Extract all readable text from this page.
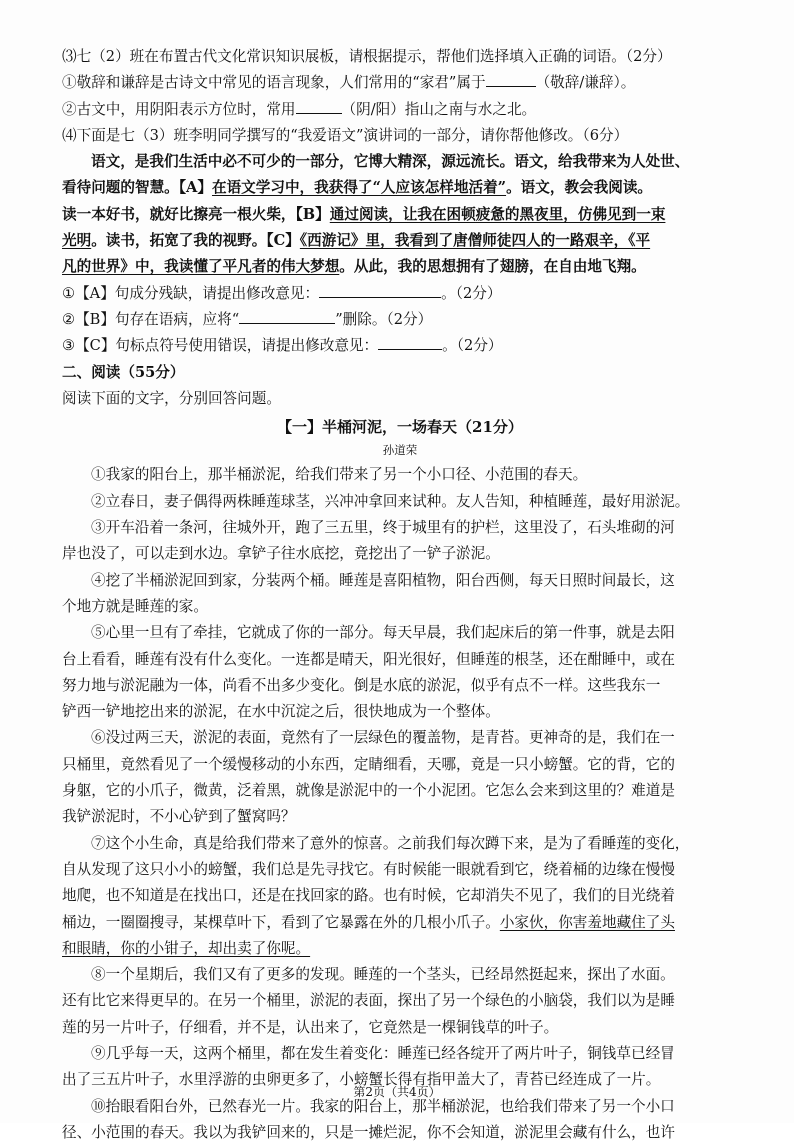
⑶七（2）班在布置古代文化常识知识展板，请根据提示，帮他们选择填入正确的词语。（2分）
①敬辞和谦辞是古诗文中常见的语言现象，人们常用的“家君”属于	（敬辞/谦辞）。
②古文中，用阴阳表示方位时，常用	（阴/阳）指山之南与水之北。
⑷下面是七（3）班李明同学撰写的“我爱语文”演讲词的一部分，请你帮他修改。（6分）
语文，是我们生活中必不可少的一部分，它博大精深，源远流长。语文，给我带来为人处世、
看待问题的智慧。【A】在语文学习中，我获得了“人应该怎样地活着”。语文，教会我阅读。
读一本好书，就好比擦亮一根火柴，【B】通过阅读，让我在困顿疲惫的黑夜里，仿佛见到一束
光明。读书，拓宽了我的视野。【C】《西游记》里，我看到了唐僧师徒四人的一路艰辛，《平
凡的世界》中，我读懂了平凡者的伟大梦想。从此，我的思想拥有了翅膀，在自由地飞翔。
①【A】句成分残缺，请提出修改意见：	。（2分）
②【B】句存在语病，应将“	”删除。（2分）
③【C】句标点符号使用错误，请提出修改意见：	。（2分）
二、阅读（55分）
阅读下面的文字，分别回答问题。
【一】半桶河泥，一场春天（21分）
孙道荣
①我家的阳台上，那半桶淤泥，给我们带来了另一个小口径、小范围的春天。
②立春日，妻子偶得两株睡莲球茎，兴冲冲拿回来试种。友人告知，种植睡莲，最好用淤泥。
③开车沿着一条河，往城外开，跑了三五里，终于城里有的护栏，这里没了，石头堆砌的河
岸也没了，可以走到水边。拿铲子往水底挖，竟挖出了一铲子淤泥。
④挖了半桶淤泥回到家，分装两个桶。睡莲是喜阳植物，阳台西侧，每天日照时间最长，这
个地方就是睡莲的家。
⑤心里一旦有了牵挂，它就成了你的一部分。每天早晨，我们起床后的第一件事，就是去阳
台上看看，睡莲有没有什么变化。一连都是晴天，阳光很好，但睡莲的根茎，还在酣睡中，或在
努力地与淤泥融为一体，尚看不出多少变化。倒是水底的淤泥，似乎有点不一样。这些我东一
铲西一铲地挖出来的淤泥，在水中沉淀之后，很快地成为一个整体。
⑥没过两三天，淤泥的表面，竟然有了一层绿色的覆盖物，是青苔。更神奇的是，我们在一
只桶里，竟然看见了一个缓慢移动的小东西，定睛细看，天哪，竟是一只小螃蟹。它的背，它的
身躯，它的小爪子，微黄，泛着黑，就像是淤泥中的一个小泥团。它怎么会来到这里的？难道是
我铲淤泥时，不小心铲到了蟹窝吗？
⑦这个小生命，真是给我们带来了意外的惊喜。之前我们每次蹲下来，是为了看睡莲的变化，
自从发现了这只小小的螃蟹，我们总是先寻找它。有时候能一眼就看到它，绕着桶的边缘在慢慢
地爬，也不知道是在找出口，还是在找回家的路。也有时候，它却消失不见了，我们的目光绕着
桶边，一圈圈搜寻，某棵草叶下，看到了它暴露在外的几根小爪子。小家伙，你害羞地藏住了头
和眼睛，你的小钳子，却出卖了你呢。
⑧一个星期后，我们又有了更多的发现。睡莲的一个茎头，已经昂然挺起来，探出了水面。
还有比它来得更早的。在另一个桶里，淤泥的表面，探出了另一个绿色的小脑袋，我们以为是睡
莲的另一片叶子，仔细看，并不是，认出来了，它竟然是一棵铜钱草的叶子。
⑨几乎每一天，这两个桶里，都在发生着变化：睡莲已经各绽开了两片叶子，铜钱草已经冒
出了三五片叶子，水里浮游的虫卵更多了，小螃蟹长得有指甲盖大了，青苔已经连成了一片。
⑩抬眼看阳台外，已然春光一片。我家的阳台上，那半桶淤泥，也给我们带来了另一个小口
径、小范围的春天。我以为我铲回来的，只是一摊烂泥，你不会知道，淤泥里会藏有什么，也许
第2页（共4页）
